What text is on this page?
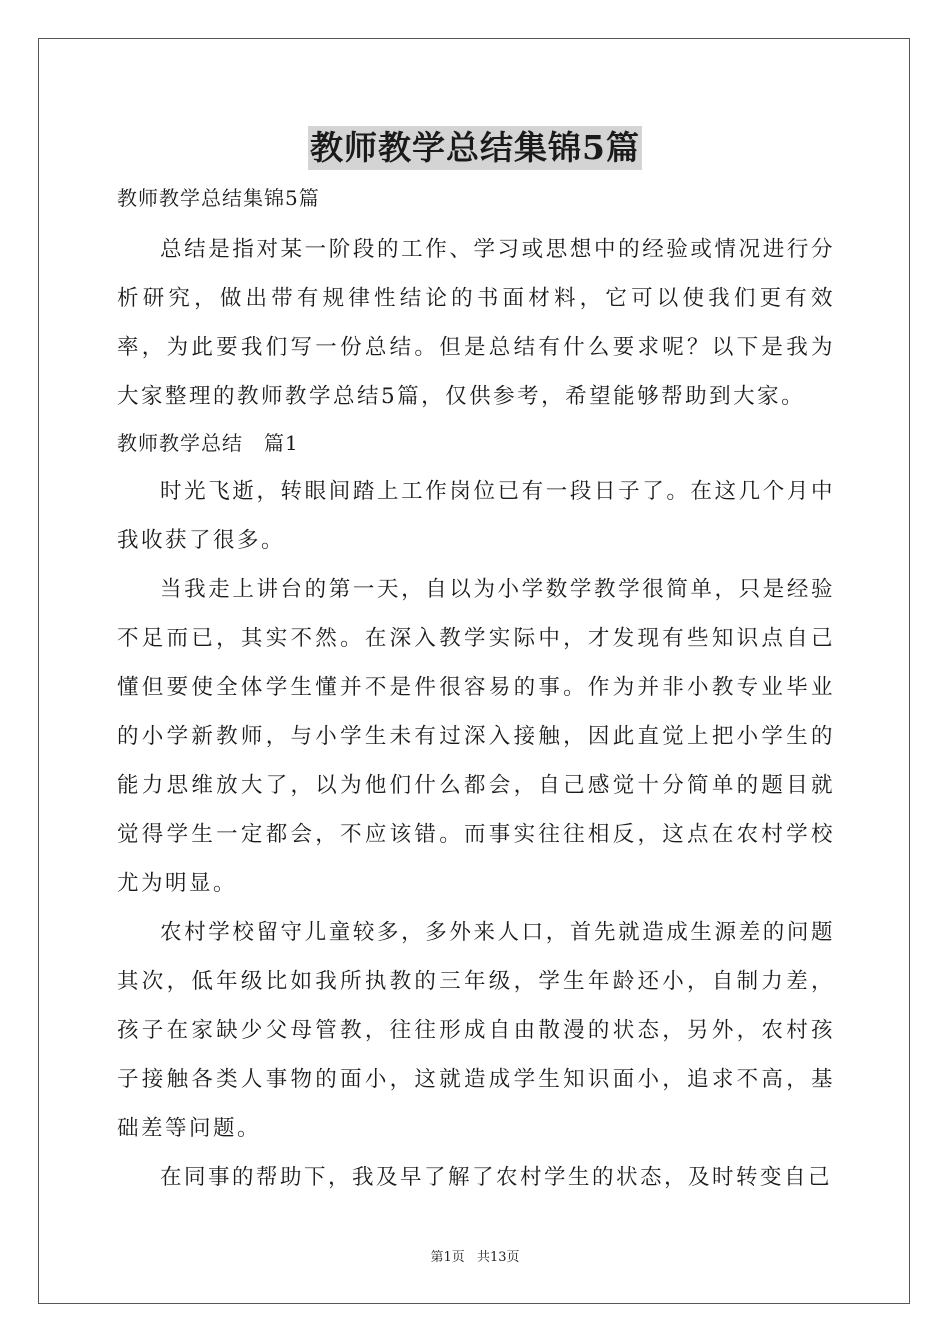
教师教学总结集锦5篇

教师教学总结集锦5篇

总结是指对某一阶段的工作、学习或思想中的经验或情况进行分析研究，做出带有规律性结论的书面材料，它可以使我们更有效率，为此要我们写一份总结。但是总结有什么要求呢？以下是我为大家整理的教师教学总结5篇，仅供参考，希望能够帮助到大家。

教师教学总结　篇1

时光飞逝，转眼间踏上工作岗位已有一段日子了。在这几个月中我收获了很多。

当我走上讲台的第一天，自以为小学数学教学很简单，只是经验不足而已，其实不然。在深入教学实际中，才发现有些知识点自己懂但要使全体学生懂并不是件很容易的事。作为并非小教专业毕业的小学新教师，与小学生未有过深入接触，因此直觉上把小学生的能力思维放大了，以为他们什么都会，自己感觉十分简单的题目就觉得学生一定都会，不应该错。而事实往往相反，这点在农村学校尤为明显。

农村学校留守儿童较多，多外来人口，首先就造成生源差的问题其次，低年级比如我所执教的三年级，学生年龄还小，自制力差，孩子在家缺少父母管教，往往形成自由散漫的状态，另外，农村孩子接触各类人事物的面小，这就造成学生知识面小，追求不高，基础差等问题。

在同事的帮助下，我及早了解了农村学生的状态，及时转变自己

第1页 共13页
